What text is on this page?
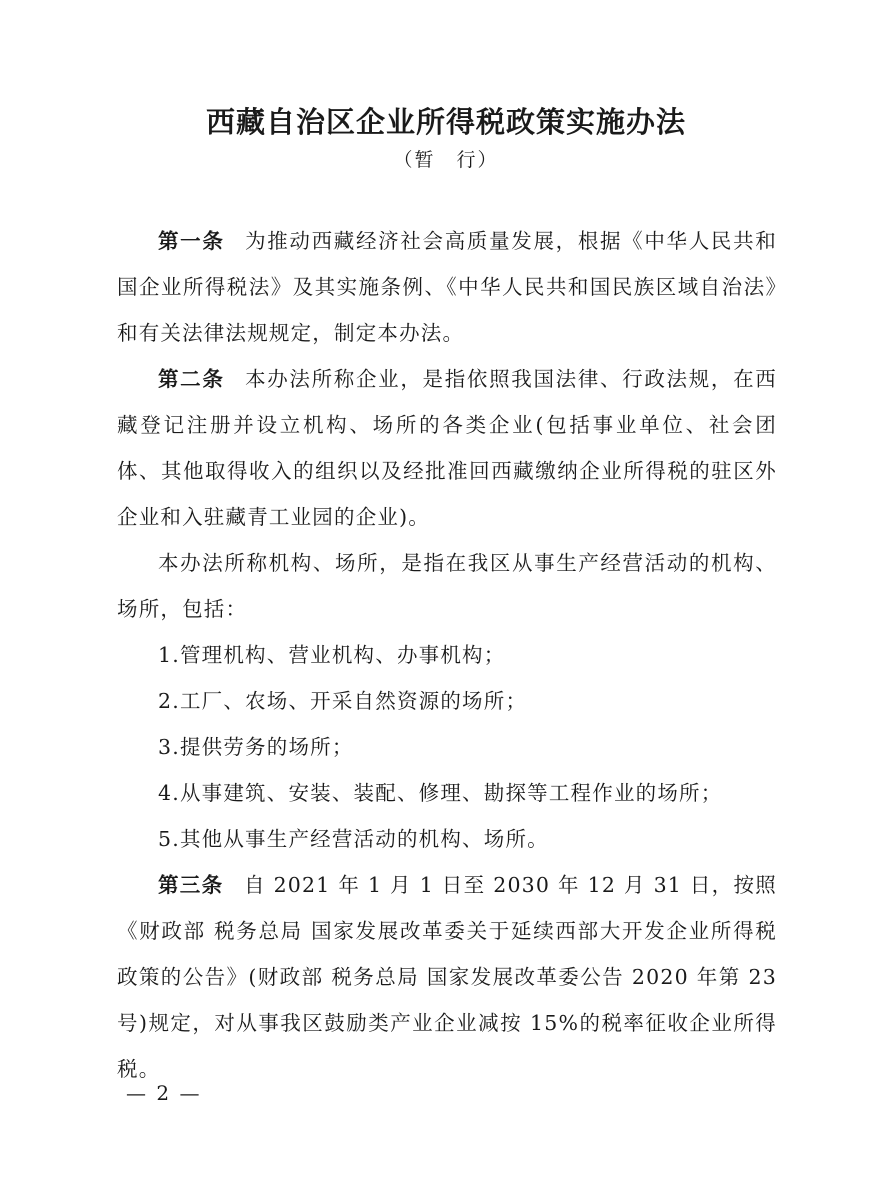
西藏自治区企业所得税政策实施办法
（暂　行）

第一条 为推动西藏经济社会高质量发展，根据《中华人民共和国企业所得税法》及其实施条例、《中华人民共和国民族区域自治法》和有关法律法规规定，制定本办法。

第二条 本办法所称企业，是指依照我国法律、行政法规，在西藏登记注册并设立机构、场所的各类企业(包括事业单位、社会团体、其他取得收入的组织以及经批准回西藏缴纳企业所得税的驻区外企业和入驻藏青工业园的企业)。

本办法所称机构、场所，是指在我区从事生产经营活动的机构、场所，包括：

1.管理机构、营业机构、办事机构；

2.工厂、农场、开采自然资源的场所；

3.提供劳务的场所；

4.从事建筑、安装、装配、修理、勘探等工程作业的场所；

5.其他从事生产经营活动的机构、场所。

第三条 自 2021 年 1 月 1 日至 2030 年 12 月 31 日，按照《财政部 税务总局 国家发展改革委关于延续西部大开发企业所得税政策的公告》(财政部 税务总局 国家发展改革委公告 2020 年第 23 号)规定，对从事我区鼓励类产业企业减按 15%的税率征收企业所得税。

— 2 —
